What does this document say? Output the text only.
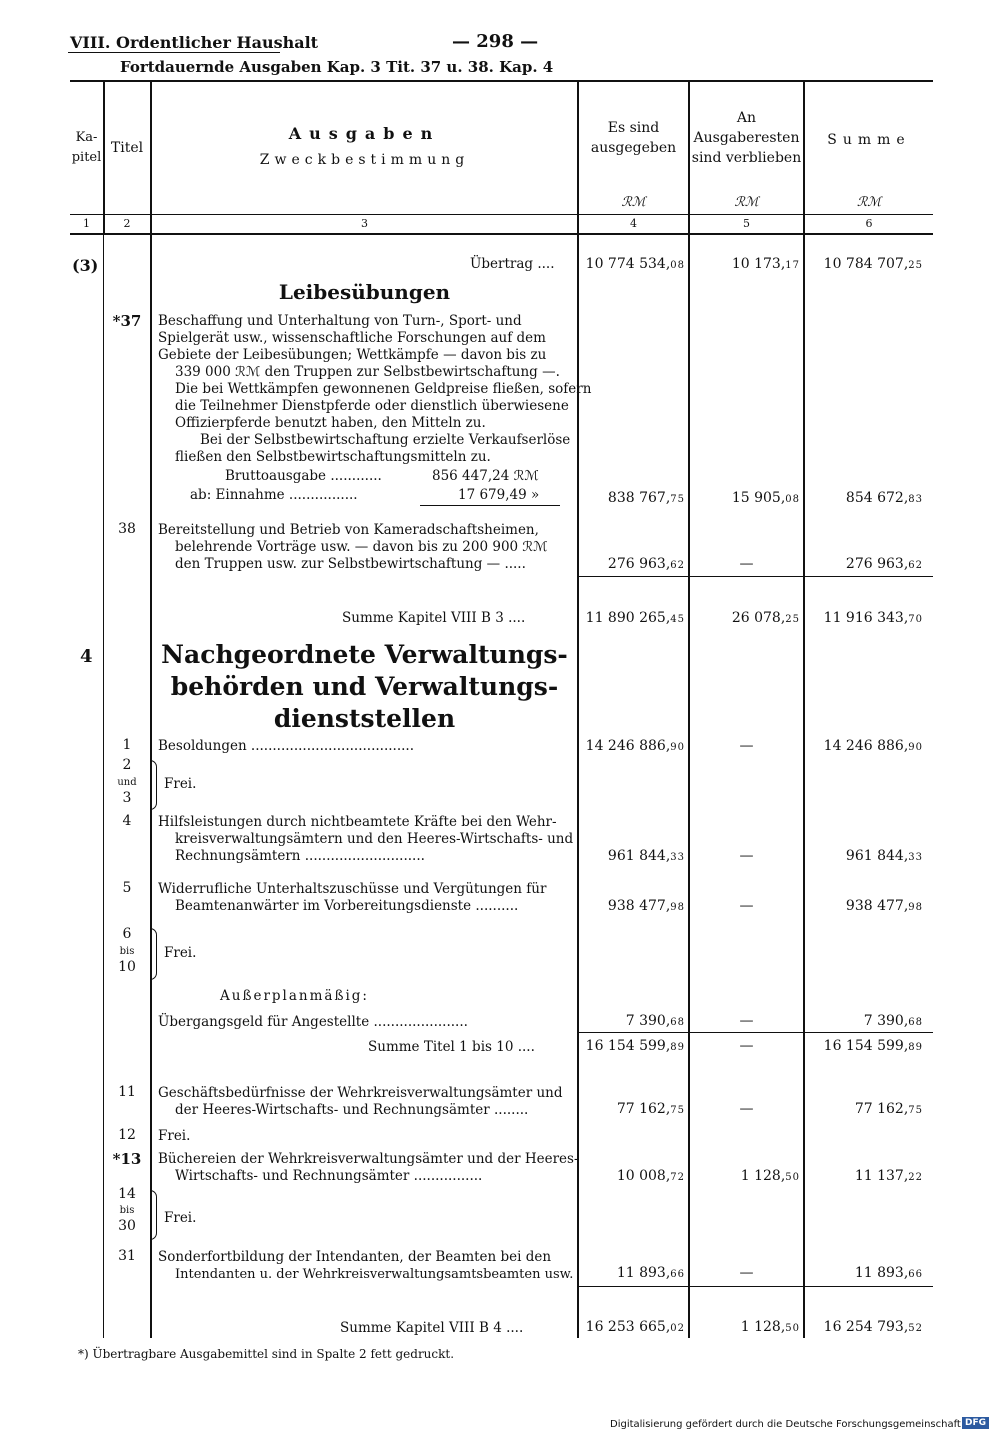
VIII. Ordentlicher Haushalt	— 298 —
Fortdauernde Ausgaben Kap. 3 Tit. 37 u. 38. Kap. 4
Ka-
pitel
Titel
Ausgaben
Zweckbestimmung
Es sind
ausgegeben
An
Ausgaberesten
sind verblieben
Summe
ℛℳ	ℛℳ	ℛℳ
1	2	3	4	5	6
(3)	Übertrag ....	10 774 534,08	10 173,17	10 784 707,25
Leibesübungen
*37	Beschaffung und Unterhaltung von Turn-, Sport- und
Spielgerät usw., wissenschaftliche Forschungen auf dem
Gebiete der Leibesübungen; Wettkämpfe — davon bis zu
339 000 ℛℳ den Truppen zur Selbstbewirtschaftung —.
Die bei Wettkämpfen gewonnenen Geldpreise fließen, sofern
die Teilnehmer Dienstpferde oder dienstlich überwiesene
Offizierpferde benutzt haben, den Mitteln zu.
Bei der Selbstbewirtschaftung erzielte Verkaufserlöse
fließen den Selbstbewirtschaftungsmitteln zu.
Bruttoausgabe ............	856 447,24 ℛℳ
ab: Einnahme ................	17 679,49 »	838 767,75	15 905,08	854 672,83
38	Bereitstellung und Betrieb von Kameradschaftsheimen,
belehrende Vorträge usw. — davon bis zu 200 900 ℛℳ
den Truppen usw. zur Selbstbewirtschaftung — .....	276 963,62	—	276 963,62
Summe Kapitel VIII B 3 ....	11 890 265,45	26 078,25	11 916 343,70
4	Nachgeordnete Verwaltungs-
behörden und Verwaltungs-
dienststellen
1	Besoldungen ......................................	14 246 886,90	—	14 246 886,90
2
und
3
Frei.
4	Hilfsleistungen durch nichtbeamtete Kräfte bei den Wehr-
kreisverwaltungsämtern und den Heeres-Wirtschafts- und
Rechnungsämtern ............................	961 844,33	—	961 844,33
5	Widerrufliche Unterhaltszuschüsse und Vergütungen für
Beamtenanwärter im Vorbereitungsdienste ..........	938 477,98	—	938 477,98
6
bis
10
Frei.
Außerplanmäßig:
Übergangsgeld für Angestellte ......................	7 390,68	—	7 390,68
Summe Titel 1 bis 10 ....	16 154 599,89	—	16 154 599,89
11	Geschäftsbedürfnisse der Wehrkreisverwaltungsämter und
der Heeres-Wirtschafts- und Rechnungsämter ........	77 162,75	—	77 162,75
12	Frei.
*13	Büchereien der Wehrkreisverwaltungsämter und der Heeres-
Wirtschafts- und Rechnungsämter ................	10 008,72	1 128,50	11 137,22
14
bis
30	Frei.
31	Sonderfortbildung der Intendanten, der Beamten bei den
Intendanten u. der Wehrkreisverwaltungsamtsbeamten usw.	11 893,66	—	11 893,66
Summe Kapitel VIII B 4 ....	16 253 665,02	1 128,50	16 254 793,52
*) Übertragbare Ausgabemittel sind in Spalte 2 fett gedruckt.
Digitalisierung gefördert durch die Deutsche Forschungsgemeinschaft DFG
